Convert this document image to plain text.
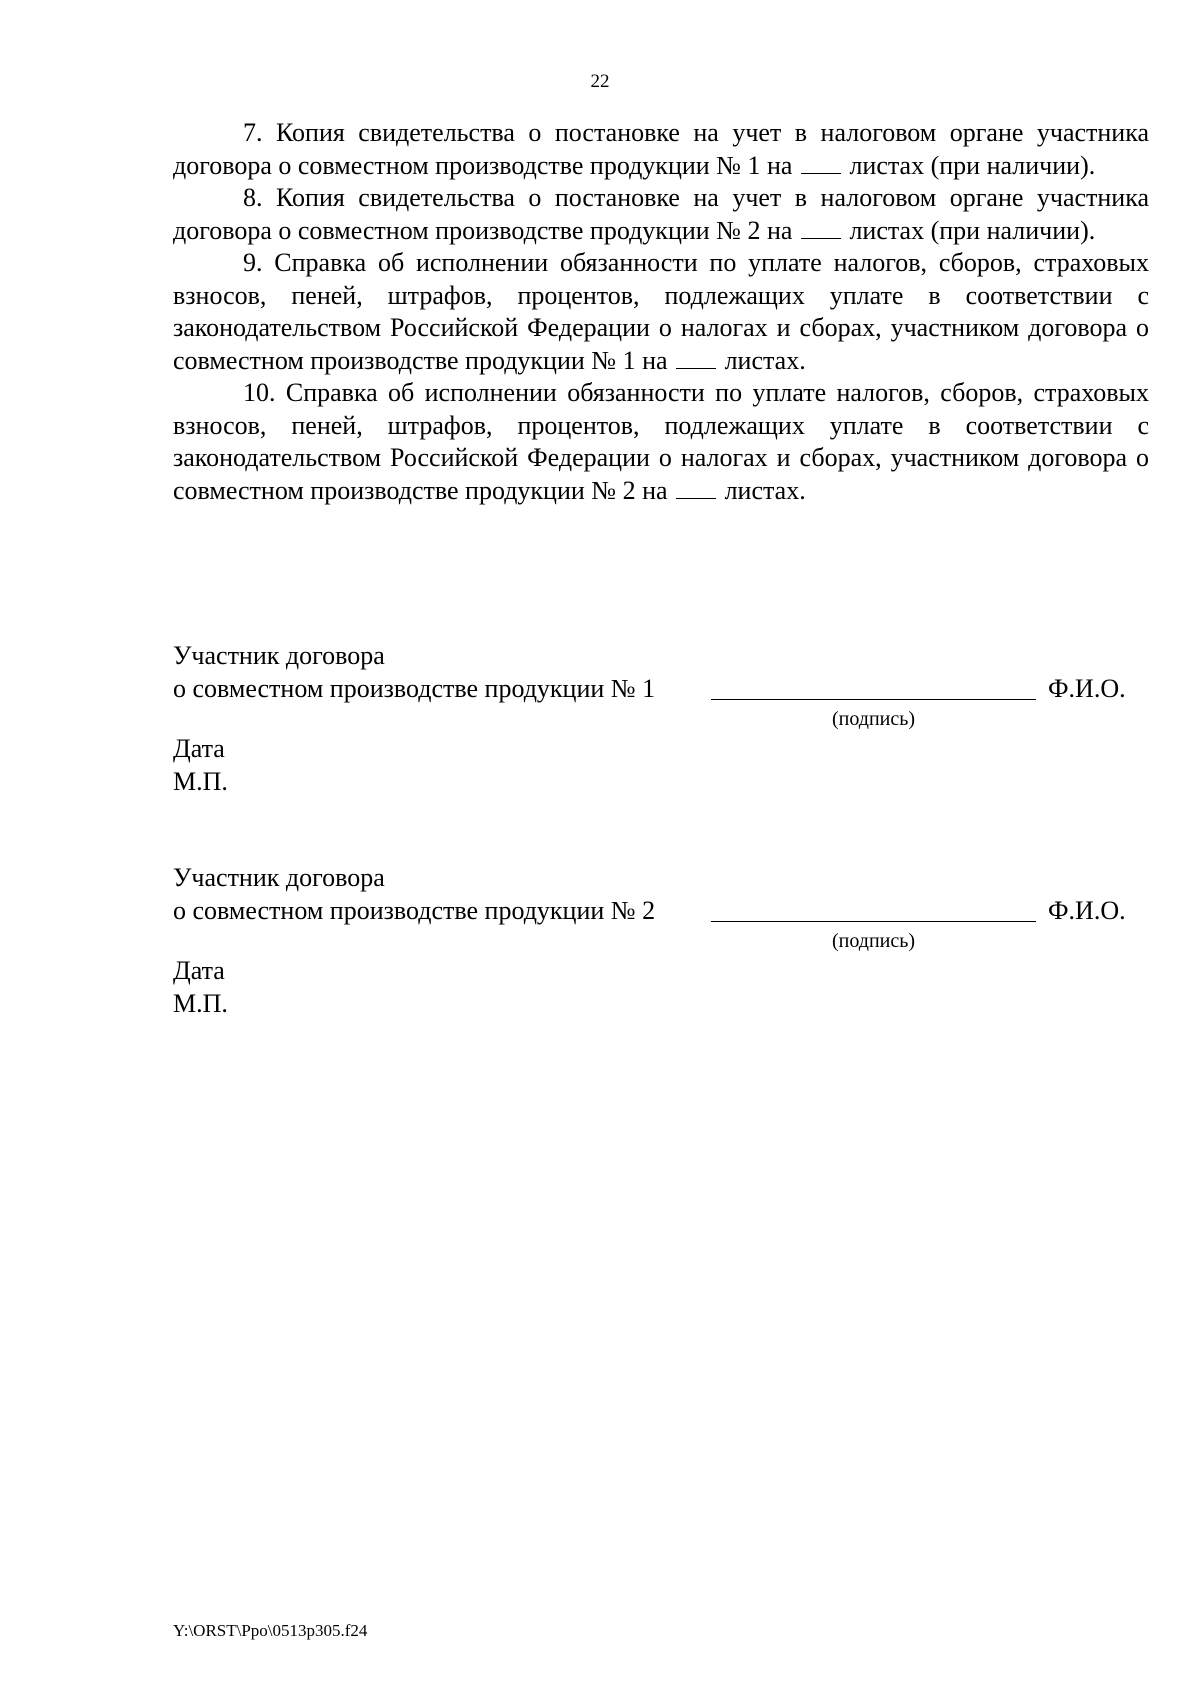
22

7. Копия свидетельства о постановке на учет в налоговом органе участника договора о совместном производстве продукции № 1 на листах (при наличии).

8. Копия свидетельства о постановке на учет в налоговом органе участника договора о совместном производстве продукции № 2 на листах (при наличии).

9. Справка об исполнении обязанности по уплате налогов, сборов, страховых взносов, пеней, штрафов, процентов, подлежащих уплате в соответствии с законодательством Российской Федерации о налогах и сборах, участником договора о совместном производстве продукции № 1 на листах.

10. Справка об исполнении обязанности по уплате налогов, сборов, страховых взносов, пеней, штрафов, процентов, подлежащих уплате в соответствии с законодательством Российской Федерации о налогах и сборах, участником договора о совместном производстве продукции № 2 на листах.

Участник договора
о совместном производстве продукции № 1	Ф.И.О.
(подпись)
Дата
М.П.
Участник договора
о совместном производстве продукции № 2	Ф.И.О.
(подпись)
Дата
М.П.
Y:\ORST\Ppo\0513p305.f24
